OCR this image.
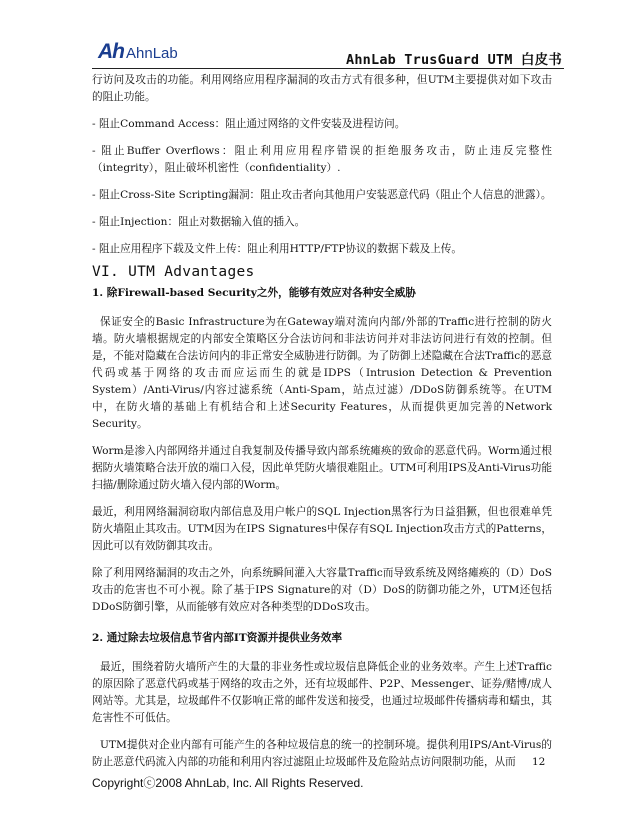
Ah AhnLab	AhnLab TrusGuard UTM 白皮书

行访问及攻击的功能。利用网络应用程序漏洞的攻击方式有很多种，但UTM主要提供对如下攻击的阻止功能。

- 阻止Command Access：阻止通过网络的文件安装及进程访问。

- 阻止Buffer Overflows：阻止利用应用程序错误的拒绝服务攻击，防止违反完整性（integrity），阻止破坏机密性（confidentiality）.

- 阻止Cross-Site Scripting漏洞：阻止攻击者向其他用户安装恶意代码（阻止个人信息的泄露）。

- 阻止Injection：阻止对数据输入值的插入。

- 阻止应用程序下载及文件上传：阻止利用HTTP/FTP协议的数据下载及上传。

VI. UTM Advantages

1. 除Firewall-based Security之外，能够有效应对各种安全威胁

保证安全的Basic Infrastructure为在Gateway端对流向内部/外部的Traffic进行控制的防火墙。防火墙根据规定的内部安全策略区分合法访问和非法访问并对非法访问进行有效的控制。但是，不能对隐藏在合法访问内的非正常安全威胁进行防御。为了防御上述隐藏在合法Traffic的恶意代码或基于网络的攻击而应运而生的就是IDPS（Intrusion Detection & Prevention System）/Anti-Virus/内容过滤系统（Anti-Spam，站点过滤）/DDoS防御系统等。在UTM中，在防火墙的基础上有机结合和上述Security Features，从而提供更加完善的Network Security。

Worm是渗入内部网络并通过自我复制及传播导致内部系统瘫痪的致命的恶意代码。Worm通过根据防火墙策略合法开放的端口入侵，因此单凭防火墙很难阻止。UTM可利用IPS及Anti-Virus功能扫描/删除通过防火墙入侵内部的Worm。

最近，利用网络漏洞窃取内部信息及用户帐户的SQL Injection黑客行为日益猖獗，但也很难单凭防火墙阻止其攻击。UTM因为在IPS Signatures中保存有SQL Injection攻击方式的Patterns，因此可以有效防御其攻击。

除了利用网络漏洞的攻击之外，向系统瞬间灌入大容量Traffic而导致系统及网络瘫痪的（D）DoS攻击的危害也不可小视。除了基于IPS Signature的对（D）DoS的防御功能之外，UTM还包括DDoS防御引擎，从而能够有效应对各种类型的DDoS攻击。

2. 通过除去垃圾信息节省内部IT资源并提供业务效率

最近，围绕着防火墙所产生的大量的非业务性或垃圾信息降低企业的业务效率。产生上述Traffic的原因除了恶意代码或基于网络的攻击之外，还有垃圾邮件、P2P、Messenger、证券/赌博/成人网站等。尤其是，垃圾邮件不仅影响正常的邮件发送和接受，也通过垃圾邮件传播病毒和蠕虫，其危害性不可低估。

UTM提供对企业内部有可能产生的各种垃圾信息的统一的控制环境。提供利用IPS/Ant-Virus的防止恶意代码流入内部的功能和利用内容过滤阻止垃圾邮件及危险站点访问限制功能，从而	12
Copyrightⓒ2008 AhnLab, Inc. All Rights Reserved.
